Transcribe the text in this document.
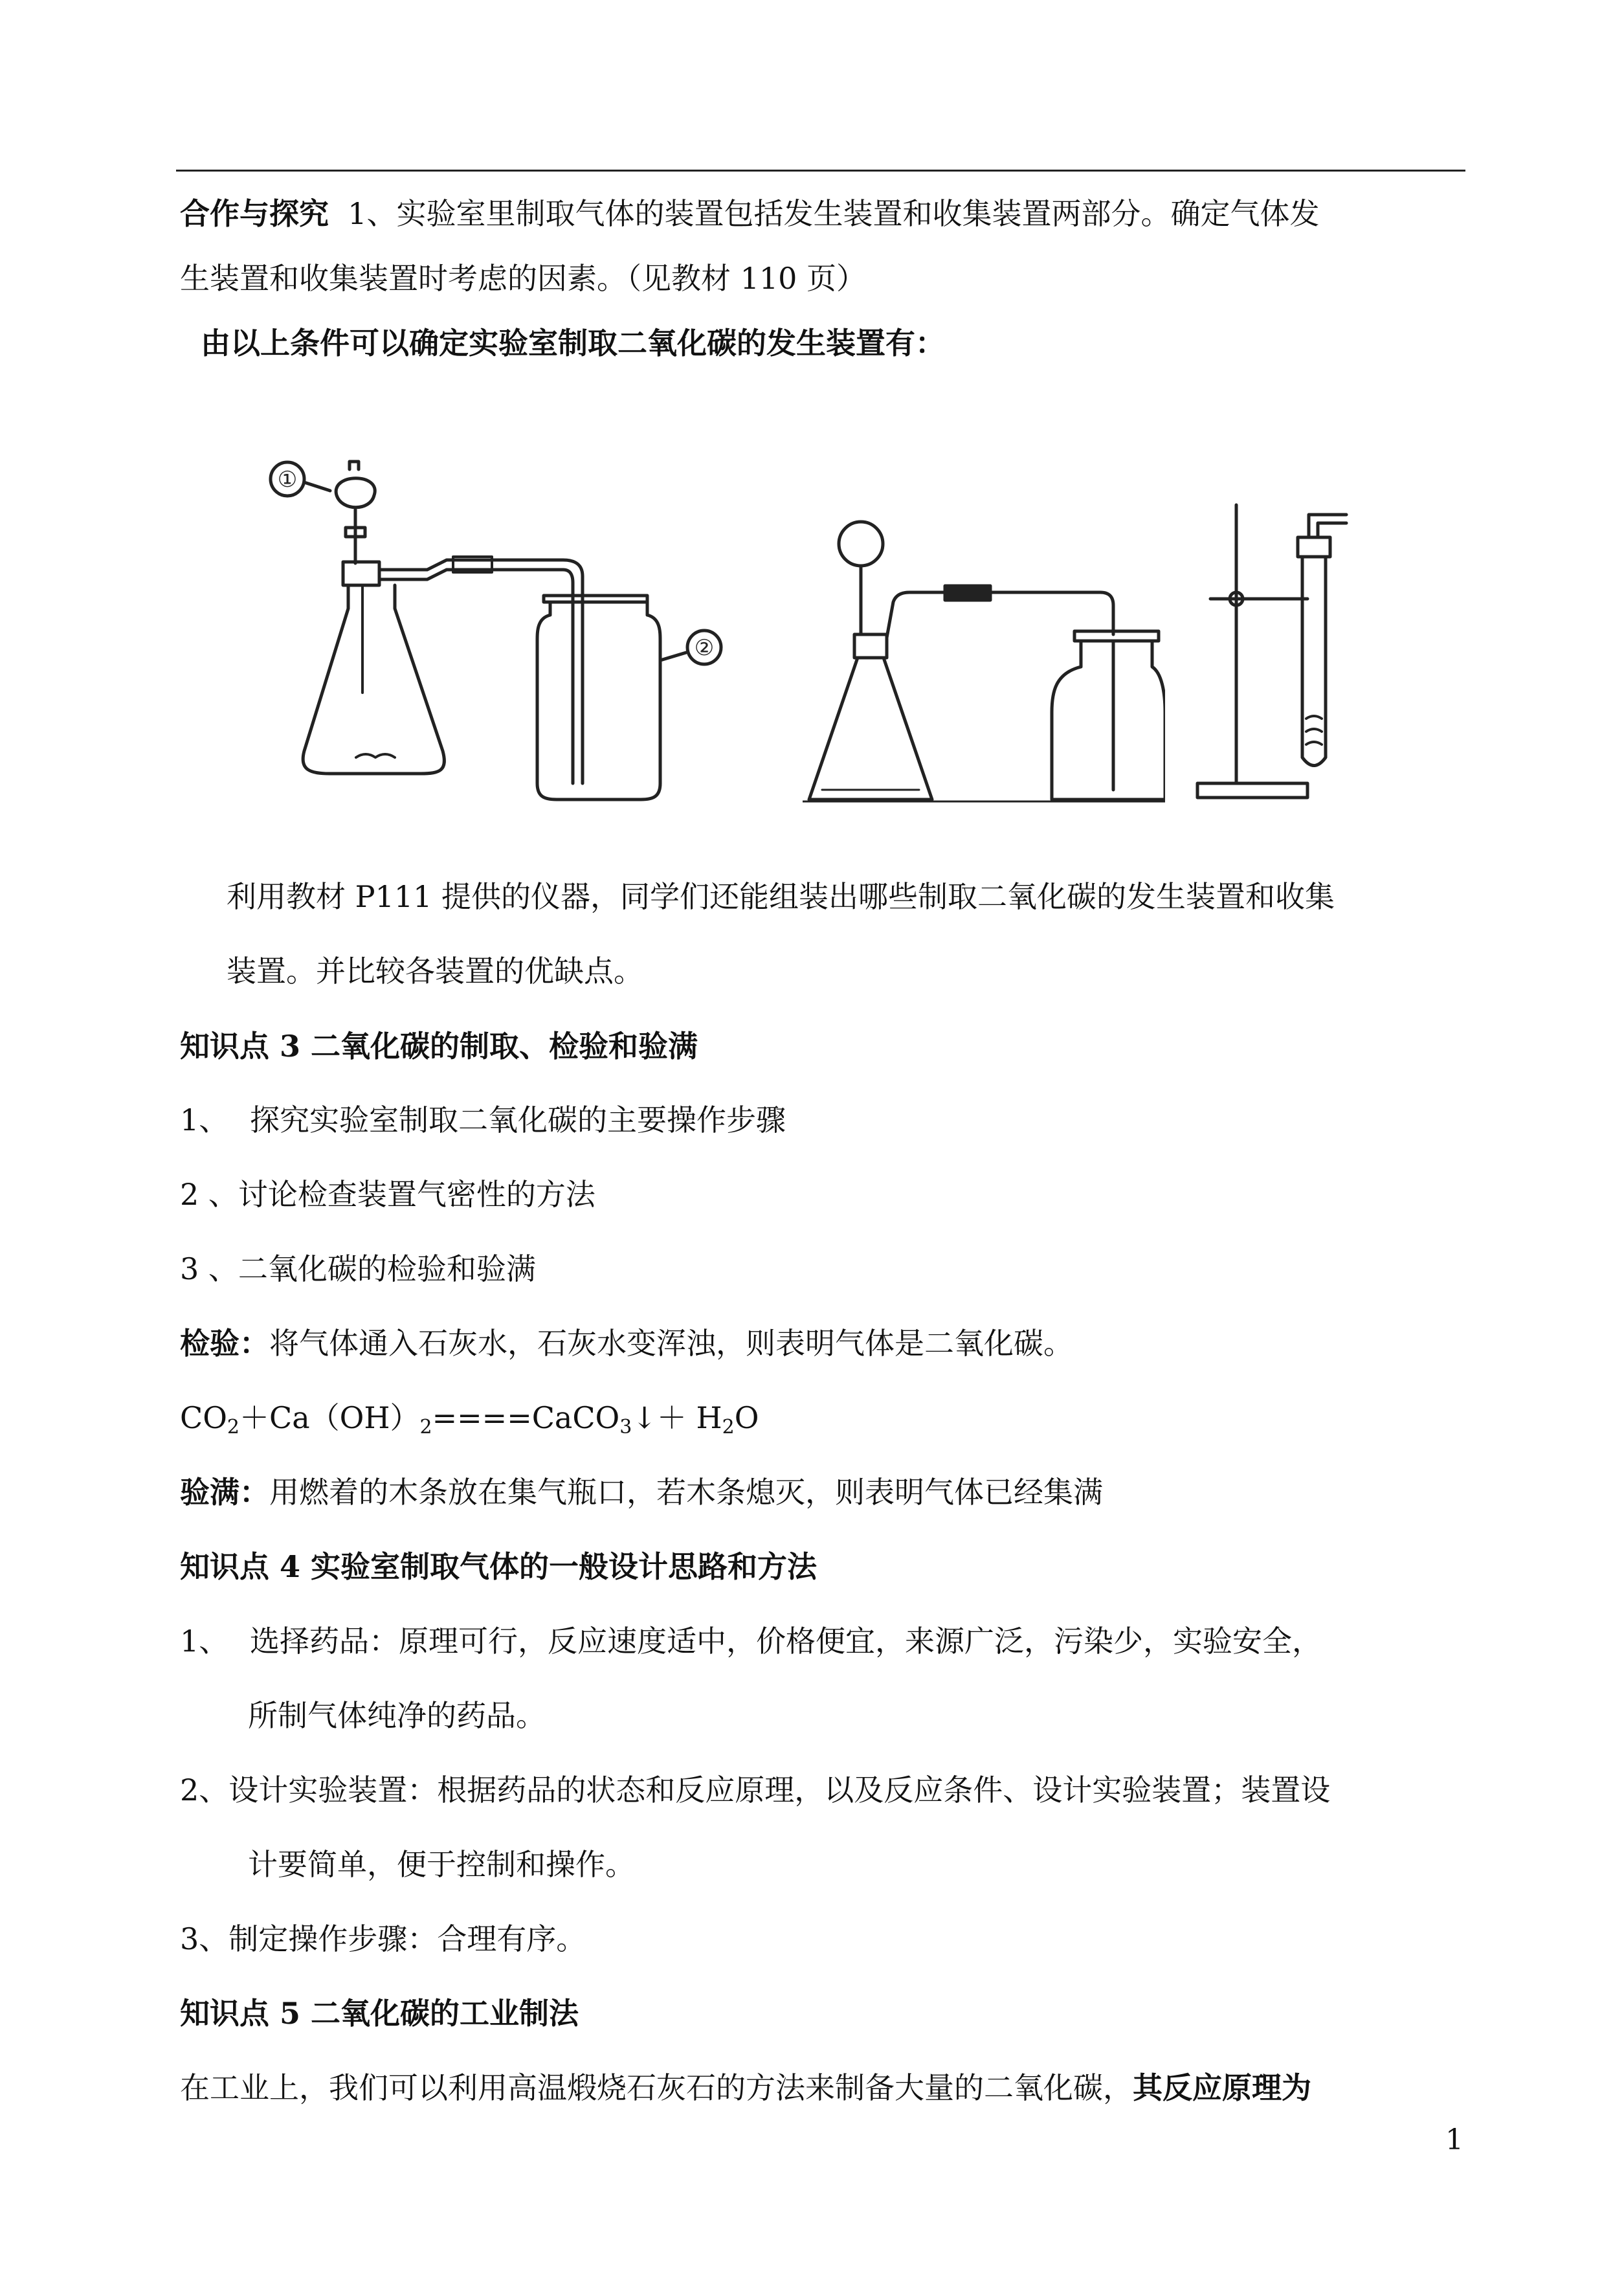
合作与探究 1、实验室里制取气体的装置包括发生装置和收集装置两部分。确定气体发
生装置和收集装置时考虑的因素。（见教材 110 页）
由以上条件可以确定实验室制取二氧化碳的发生装置有：
①
②
利用教材 P111 提供的仪器，同学们还能组装出哪些制取二氧化碳的发生装置和收集
装置。并比较各装置的优缺点。
知识点 3 二氧化碳的制取、检验和验满
1、 探究实验室制取二氧化碳的主要操作步骤
2 、讨论检查装置气密性的方法
3 、二氧化碳的检验和验满
检验：将气体通入石灰水，石灰水变浑浊，则表明气体是二氧化碳。
$CO_2+Ca(OH)_2====CaCO_3↓+ H_2O$
验满：用燃着的木条放在集气瓶口，若木条熄灭，则表明气体已经集满
知识点 4 实验室制取气体的一般设计思路和方法
1、 选择药品：原理可行，反应速度适中，价格便宜，来源广泛，污染少，实验安全，
所制气体纯净的药品。
2、设计实验装置：根据药品的状态和反应原理，以及反应条件、设计实验装置；装置设
计要简单，便于控制和操作。
3、制定操作步骤：合理有序。
知识点 5 二氧化碳的工业制法
在工业上，我们可以利用高温煅烧石灰石的方法来制备大量的二氧化碳，其反应原理为
1
